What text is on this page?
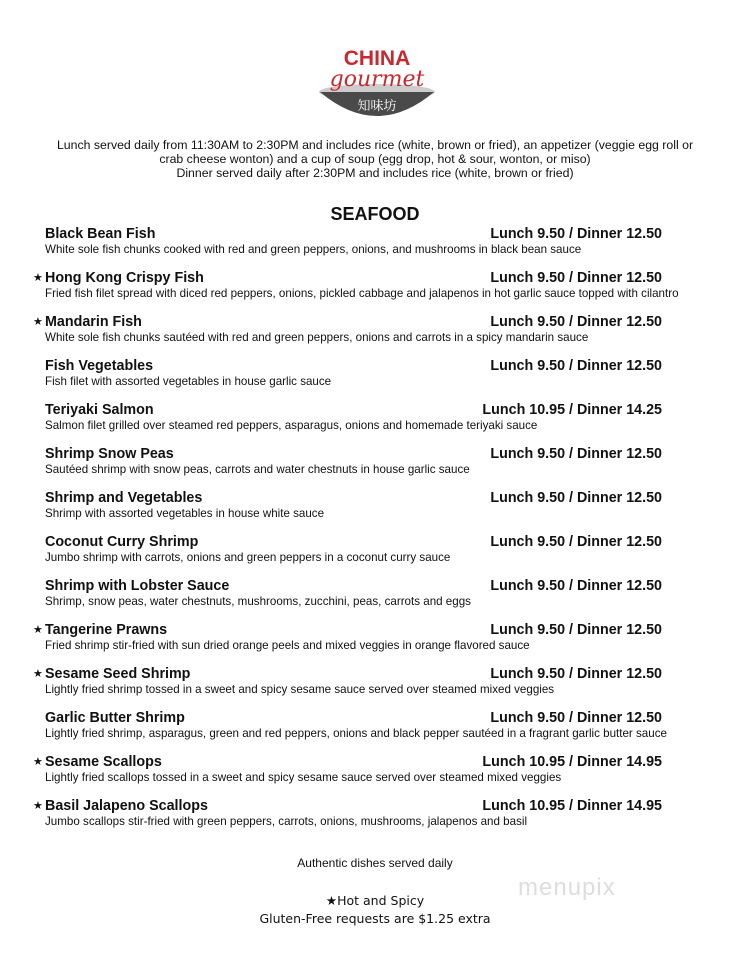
CHINA
gourmet
知味坊
Lunch served daily from 11:30AM to 2:30PM and includes rice (white, brown or fried), an appetizer (veggie egg roll or
crab cheese wonton) and a cup of soup (egg drop, hot & sour, wonton, or miso)
Dinner served daily after 2:30PM and includes rice (white, brown or fried)
SEAFOOD
Black Bean Fish	Lunch 9.50 / Dinner 12.50
White sole fish chunks cooked with red and green peppers, onions, and mushrooms in black bean sauce
★ Hong Kong Crispy Fish	Lunch 9.50 / Dinner 12.50
Fried fish filet spread with diced red peppers, onions, pickled cabbage and jalapenos in hot garlic sauce topped with cilantro
★ Mandarin Fish	Lunch 9.50 / Dinner 12.50
White sole fish chunks sautéed with red and green peppers, onions and carrots in a spicy mandarin sauce
Fish Vegetables	Lunch 9.50 / Dinner 12.50
Fish filet with assorted vegetables in house garlic sauce
Teriyaki Salmon	Lunch 10.95 / Dinner 14.25
Salmon filet grilled over steamed red peppers, asparagus, onions and homemade teriyaki sauce
Shrimp Snow Peas	Lunch 9.50 / Dinner 12.50
Sautéed shrimp with snow peas, carrots and water chestnuts in house garlic sauce
Shrimp and Vegetables	Lunch 9.50 / Dinner 12.50
Shrimp with assorted vegetables in house white sauce
Coconut Curry Shrimp	Lunch 9.50 / Dinner 12.50
Jumbo shrimp with carrots, onions and green peppers in a coconut curry sauce
Shrimp with Lobster Sauce	Lunch 9.50 / Dinner 12.50
Shrimp, snow peas, water chestnuts, mushrooms, zucchini, peas, carrots and eggs
★ Tangerine Prawns	Lunch 9.50 / Dinner 12.50
Fried shrimp stir-fried with sun dried orange peels and mixed veggies in orange flavored sauce
★ Sesame Seed Shrimp	Lunch 9.50 / Dinner 12.50
Lightly fried shrimp tossed in a sweet and spicy sesame sauce served over steamed mixed veggies
Garlic Butter Shrimp	Lunch 9.50 / Dinner 12.50
Lightly fried shrimp, asparagus, green and red peppers, onions and black pepper sautéed in a fragrant garlic butter sauce
★ Sesame Scallops	Lunch 10.95 / Dinner 14.95
Lightly fried scallops tossed in a sweet and spicy sesame sauce served over steamed mixed veggies
★ Basil Jalapeno Scallops	Lunch 10.95 / Dinner 14.95
Jumbo scallops stir-fried with green peppers, carrots, onions, mushrooms, jalapenos and basil
Authentic dishes served daily
★Hot and Spicy
Gluten-Free requests are $1.25 extra
menupix
